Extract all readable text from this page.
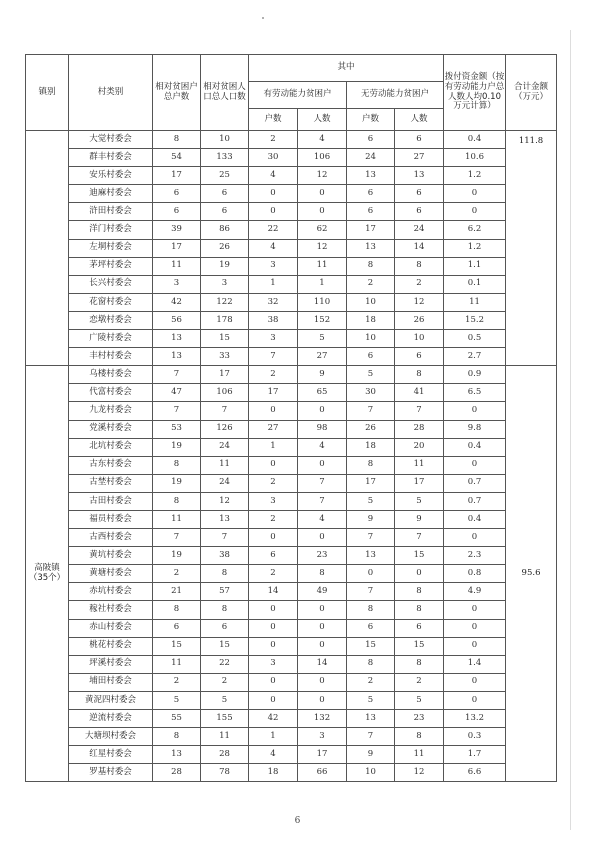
镇别	村类别	相对贫困户总户数	相对贫困人口总人口数	其中				拨付资金额（按有劳动能力户总人数人均0.10万元计算）	合计金额（万元）
				有劳动能力贫困户		无劳动能力贫困户			
				户数	人数	户数	人数		
	大觉村委会	8	10	2	4	6	6	0.4	111.8
	群丰村委会	54	133	30	106	24	27	10.6	
	安乐村委会	17	25	4	12	13	13	1.2	
	迪麻村委会	6	6	0	0	6	6	0	
	浒田村委会	6	6	0	0	6	6	0	
	洋门村委会	39	86	22	62	17	24	6.2	
	左垌村委会	17	26	4	12	13	14	1.2	
	茅坪村委会	11	19	3	11	8	8	1.1	
	长兴村委会	3	3	1	1	2	2	0.1	
	花窗村委会	42	122	32	110	10	12	11	
	恋墩村委会	56	178	38	152	18	26	15.2	
	广陵村委会	13	15	3	5	10	10	0.5	
	丰村村委会	13	33	7	27	6	6	2.7	
高陂镇（35个）	乌楼村委会	7	17	2	9	5	8	0.9	95.6
	代富村委会	47	106	17	65	30	41	6.5	
	九龙村委会	7	7	0	0	7	7	0	
	党溪村委会	53	126	27	98	26	28	9.8	
	北坑村委会	19	24	1	4	18	20	0.4	
	古东村委会	8	11	0	0	8	11	0	
	古埜村委会	19	24	2	7	17	17	0.7	
	古田村委会	8	12	3	7	5	5	0.7	
	福员村委会	11	13	2	4	9	9	0.4	
	古西村委会	7	7	0	0	7	7	0	
	黄坑村委会	19	38	6	23	13	15	2.3	
	黄塘村委会	2	8	2	8	0	0	0.8	
	赤坑村委会	21	57	14	49	7	8	4.9	
	稼社村委会	8	8	0	0	8	8	0	
	赤山村委会	6	6	0	0	6	6	0	
	桃花村委会	15	15	0	0	15	15	0	
	坪溪村委会	11	22	3	14	8	8	1.4	
	埔田村委会	2	2	0	0	2	2	0	
	黄泥四村委会	5	5	0	0	5	5	0	
	逆流村委会	55	155	42	132	13	23	13.2	
	大塘坝村委会	8	11	1	3	7	8	0.3	
	红星村委会	13	28	4	17	9	11	1.7	
	罗基村委会	28	78	18	66	10	12	6.6	
6
